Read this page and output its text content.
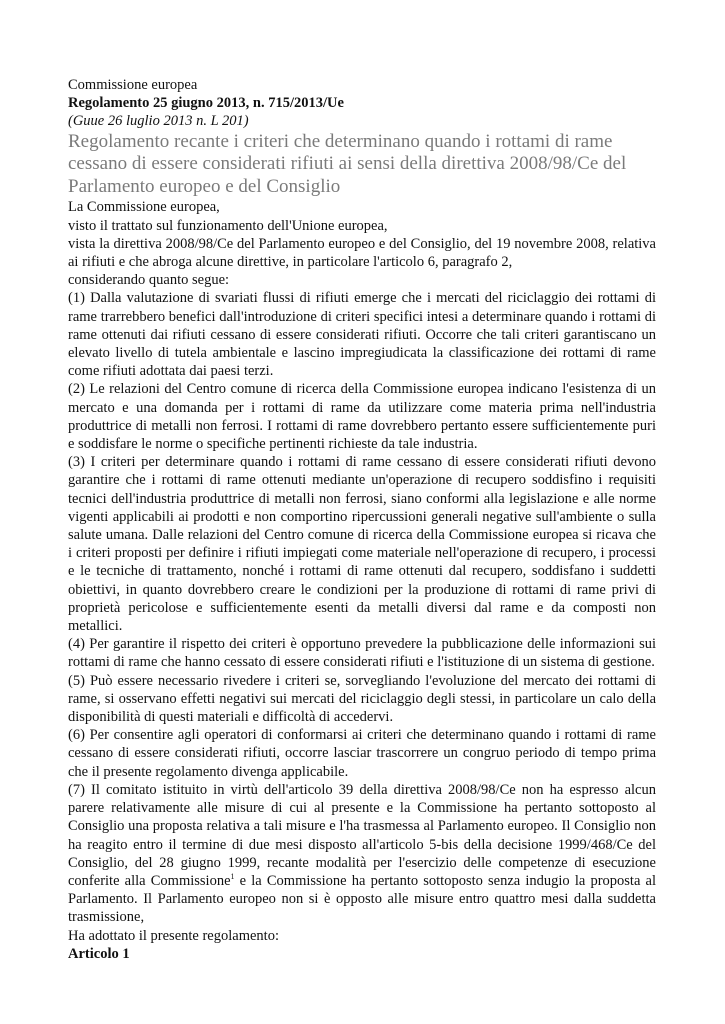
Commissione europea

Regolamento 25 giugno 2013, n. 715/2013/Ue

(Guue 26 luglio 2013 n. L 201)

Regolamento recante i criteri che determinano quando i rottami di rame cessano di essere considerati rifiuti ai sensi della direttiva 2008/98/Ce del Parlamento europeo e del Consiglio

La Commissione europea,

visto il trattato sul funzionamento dell'Unione europea,

vista la direttiva 2008/98/Ce del Parlamento europeo e del Consiglio, del 19 novembre 2008, relativa ai rifiuti e che abroga alcune direttive, in particolare l'articolo 6, paragrafo 2,

considerando quanto segue:

(1) Dalla valutazione di svariati flussi di rifiuti emerge che i mercati del riciclaggio dei rottami di rame trarrebbero benefici dall'introduzione di criteri specifici intesi a determinare quando i rottami di rame ottenuti dai rifiuti cessano di essere considerati rifiuti. Occorre che tali criteri garantiscano un elevato livello di tutela ambientale e lascino impregiudicata la classificazione dei rottami di rame come rifiuti adottata dai paesi terzi.

(2) Le relazioni del Centro comune di ricerca della Commissione europea indicano l'esistenza di un mercato e una domanda per i rottami di rame da utilizzare come materia prima nell'industria produttrice di metalli non ferrosi. I rottami di rame dovrebbero pertanto essere sufficientemente puri e soddisfare le norme o specifiche pertinenti richieste da tale industria.

(3) I criteri per determinare quando i rottami di rame cessano di essere considerati rifiuti devono garantire che i rottami di rame ottenuti mediante un'operazione di recupero soddisfino i requisiti tecnici dell'industria produttrice di metalli non ferrosi, siano conformi alla legislazione e alle norme vigenti applicabili ai prodotti e non comportino ripercussioni generali negative sull'ambiente o sulla salute umana. Dalle relazioni del Centro comune di ricerca della Commissione europea si ricava che i criteri proposti per definire i rifiuti impiegati come materiale nell'operazione di recupero, i processi e le tecniche di trattamento, nonché i rottami di rame ottenuti dal recupero, soddisfano i suddetti obiettivi, in quanto dovrebbero creare le condizioni per la produzione di rottami di rame privi di proprietà pericolose e sufficientemente esenti da metalli diversi dal rame e da composti non metallici.

(4) Per garantire il rispetto dei criteri è opportuno prevedere la pubblicazione delle informazioni sui rottami di rame che hanno cessato di essere considerati rifiuti e l'istituzione di un sistema di gestione.

(5) Può essere necessario rivedere i criteri se, sorvegliando l'evoluzione del mercato dei rottami di rame, si osservano effetti negativi sui mercati del riciclaggio degli stessi, in particolare un calo della disponibilità di questi materiali e difficoltà di accedervi.

(6) Per consentire agli operatori di conformarsi ai criteri che determinano quando i rottami di rame cessano di essere considerati rifiuti, occorre lasciar trascorrere un congruo periodo di tempo prima che il presente regolamento divenga applicabile.

(7) Il comitato istituito in virtù dell'articolo 39 della direttiva 2008/98/Ce non ha espresso alcun parere relativamente alle misure di cui al presente e la Commissione ha pertanto sottoposto al Consiglio una proposta relativa a tali misure e l'ha trasmessa al Parlamento europeo. Il Consiglio non ha reagito entro il termine di due mesi disposto all'articolo 5-bis della decisione 1999/468/Ce del Consiglio, del 28 giugno 1999, recante modalità per l'esercizio delle competenze di esecuzione conferite alla Commissione$^1$ e la Commissione ha pertanto sottoposto senza indugio la proposta al Parlamento. Il Parlamento europeo non si è opposto alle misure entro quattro mesi dalla suddetta trasmissione,

Ha adottato il presente regolamento:

Articolo 1
